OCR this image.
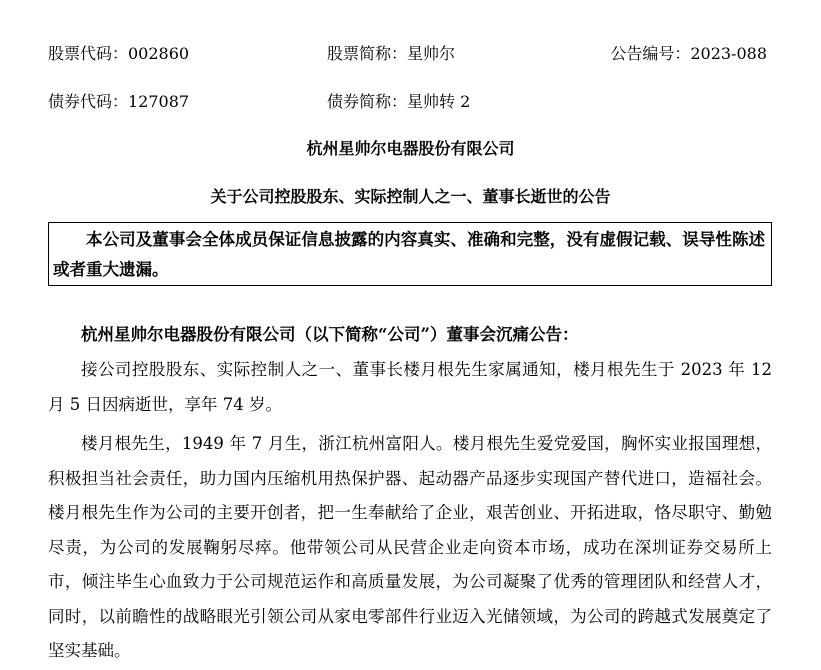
股票代码：002860	股票简称：星帅尔	公告编号：2023-088
债券代码：127087	债券简称：星帅转 2
杭州星帅尔电器股份有限公司
关于公司控股股东、实际控制人之一、董事长逝世的公告
本公司及董事会全体成员保证信息披露的内容真实、准确和完整，没有虚假记载、误导性陈述或者重大遗漏。

杭州星帅尔电器股份有限公司（以下简称“公司”）董事会沉痛公告：

接公司控股股东、实际控制人之一、董事长楼月根先生家属通知，楼月根先生于 2023 年 12 月 5 日因病逝世，享年 74 岁。

楼月根先生，1949 年 7 月生，浙江杭州富阳人。楼月根先生爱党爱国，胸怀实业报国理想，积极担当社会责任，助力国内压缩机用热保护器、起动器产品逐步实现国产替代进口，造福社会。楼月根先生作为公司的主要开创者，把一生奉献给了企业，艰苦创业、开拓进取，恪尽职守、勤勉尽责，为公司的发展鞠躬尽瘁。他带领公司从民营企业走向资本市场，成功在深圳证券交易所上市，倾注毕生心血致力于公司规范运作和高质量发展，为公司凝聚了优秀的管理团队和经营人才，同时，以前瞻性的战略眼光引领公司从家电零部件行业迈入光储领域，为公司的跨越式发展奠定了坚实基础。
